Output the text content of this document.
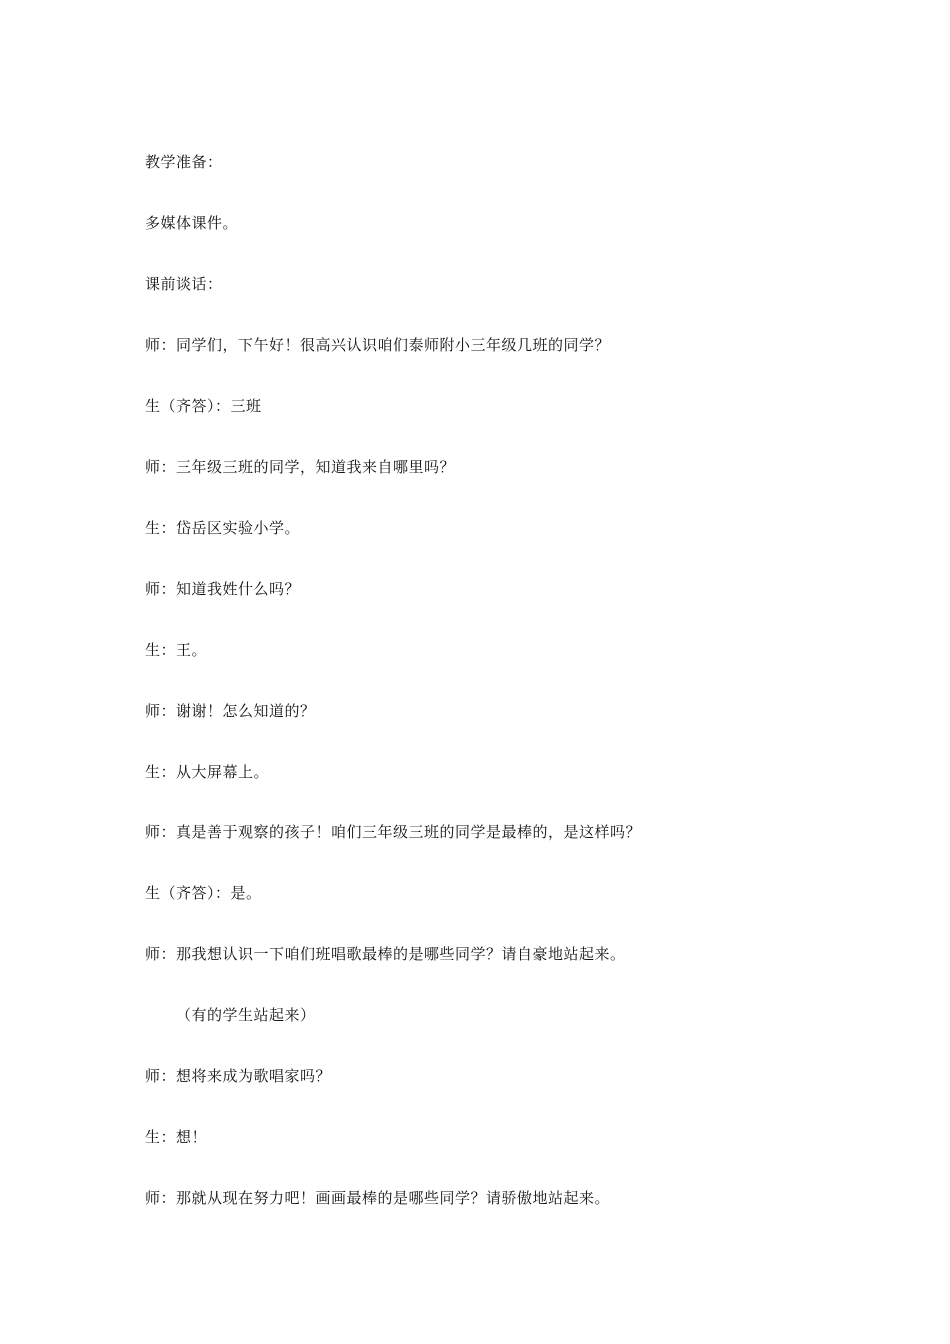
教学准备：
多媒体课件。
课前谈话：
师：同学们，下午好！很高兴认识咱们泰师附小三年级几班的同学？
生（齐答）：三班
师：三年级三班的同学，知道我来自哪里吗？
生：岱岳区实验小学。
师：知道我姓什么吗？
生：王。
师：谢谢！怎么知道的？
生：从大屏幕上。
师：真是善于观察的孩子！咱们三年级三班的同学是最棒的，是这样吗？
生（齐答）：是。
师：那我想认识一下咱们班唱歌最棒的是哪些同学？请自豪地站起来。
（有的学生站起来）
师：想将来成为歌唱家吗？
生：想！
师：那就从现在努力吧！画画最棒的是哪些同学？请骄傲地站起来。
